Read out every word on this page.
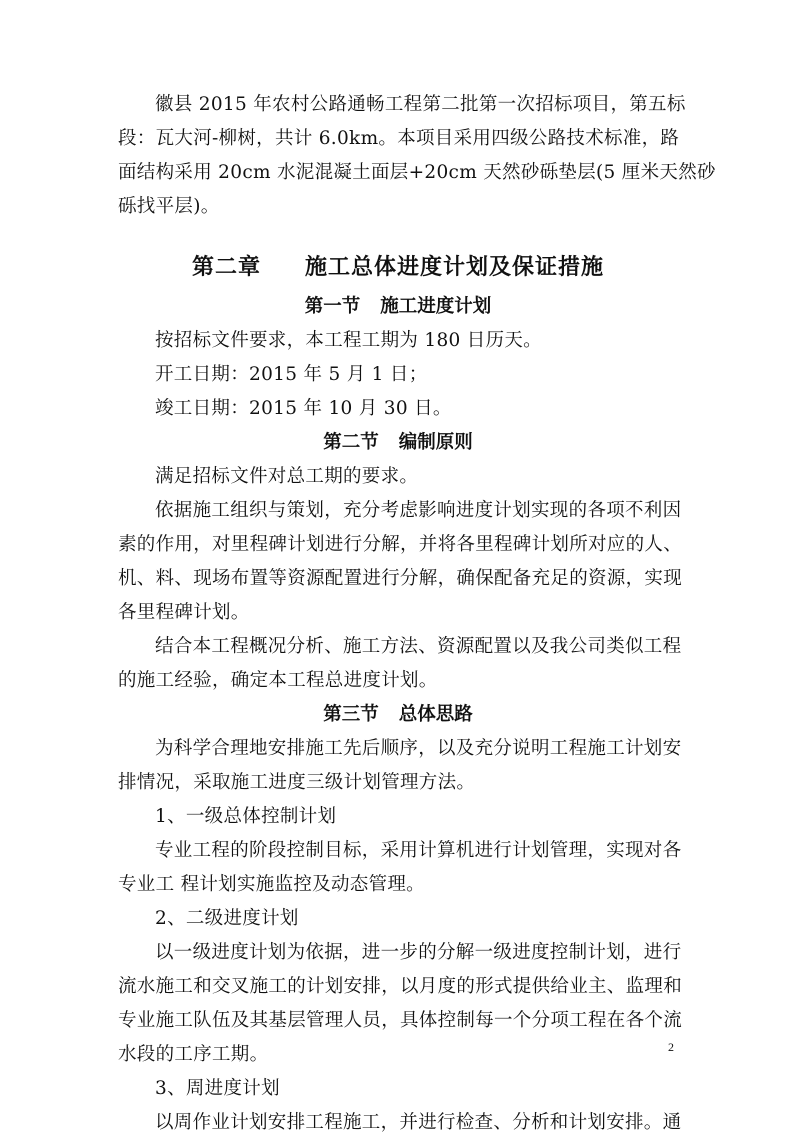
徽县 2015 年农村公路通畅工程第二批第一次招标项目，第五标

段：瓦大河-柳树，共计 6.0km。本项目采用四级公路技术标准，路

面结构采用 20cm 水泥混凝土面层+20cm 天然砂砾垫层(5 厘米天然砂

砾找平层)。

第二章 施工总体进度计划及保证措施
第一节 施工进度计划

按招标文件要求，本工程工期为 180 日历天。

开工日期：2015 年 5 月 1 日；

竣工日期：2015 年 10 月 30 日。

第二节 编制原则

满足招标文件对总工期的要求。

依据施工组织与策划，充分考虑影响进度计划实现的各项不利因

素的作用，对里程碑计划进行分解，并将各里程碑计划所对应的人、

机、料、现场布置等资源配置进行分解，确保配备充足的资源，实现

各里程碑计划。

结合本工程概况分析、施工方法、资源配置以及我公司类似工程

的施工经验，确定本工程总进度计划。

第三节 总体思路

为科学合理地安排施工先后顺序，以及充分说明工程施工计划安

排情况，采取施工进度三级计划管理方法。

1、一级总体控制计划

专业工程的阶段控制目标，采用计算机进行计划管理，实现对各

专业工 程计划实施监控及动态管理。

2、二级进度计划

以一级进度计划为依据，进一步的分解一级进度控制计划，进行

流水施工和交叉施工的计划安排，以月度的形式提供给业主、监理和

专业施工队伍及其基层管理人员，具体控制每一个分项工程在各个流

水段的工序工期。

3、周进度计划

以周作业计划安排工程施工，并进行检查、分析和计划安排。通

2
